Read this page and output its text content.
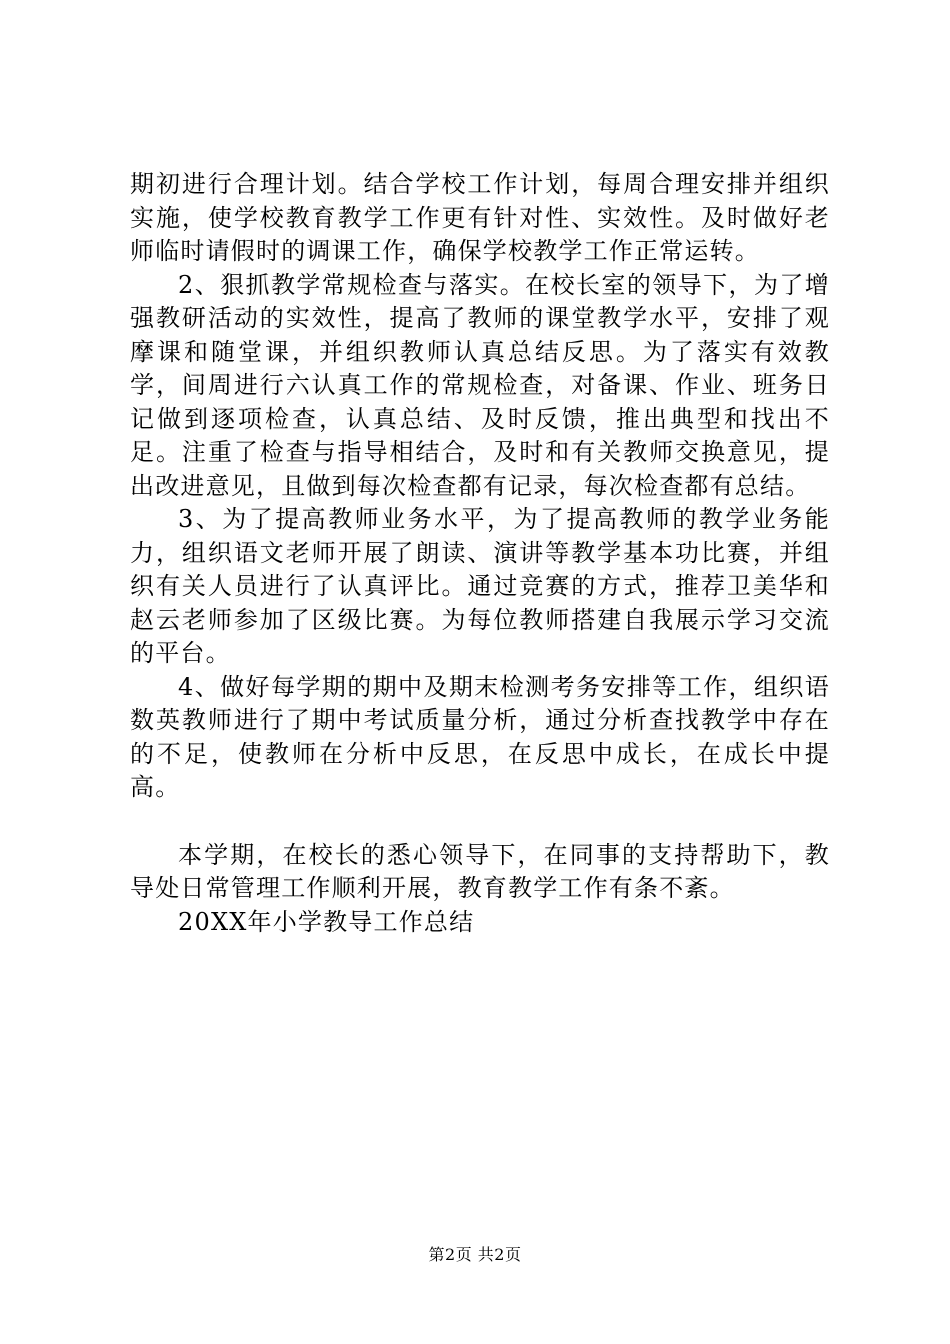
期初进行合理计划。结合学校工作计划，每周合理安排并组织实施，使学校教育教学工作更有针对性、实效性。及时做好老师临时请假时的调课工作，确保学校教学工作正常运转。

2、狠抓教学常规检查与落实。在校长室的领导下，为了增强教研活动的实效性，提高了教师的课堂教学水平，安排了观摩课和随堂课，并组织教师认真总结反思。为了落实有效教学，间周进行六认真工作的常规检查，对备课、作业、班务日记做到逐项检查，认真总结、及时反馈，推出典型和找出不足。注重了检查与指导相结合，及时和有关教师交换意见，提出改进意见，且做到每次检查都有记录，每次检查都有总结。

3、为了提高教师业务水平，为了提高教师的教学业务能力，组织语文老师开展了朗读、演讲等教学基本功比赛，并组织有关人员进行了认真评比。通过竞赛的方式，推荐卫美华和赵云老师参加了区级比赛。为每位教师搭建自我展示学习交流的平台。

4、做好每学期的期中及期末检测考务安排等工作，组织语数英教师进行了期中考试质量分析，通过分析查找教学中存在的不足，使教师在分析中反思，在反思中成长，在成长中提高。

本学期，在校长的悉心领导下，在同事的支持帮助下，教导处日常管理工作顺利开展，教育教学工作有条不紊。

20XX年小学教导工作总结

第2页 共2页
